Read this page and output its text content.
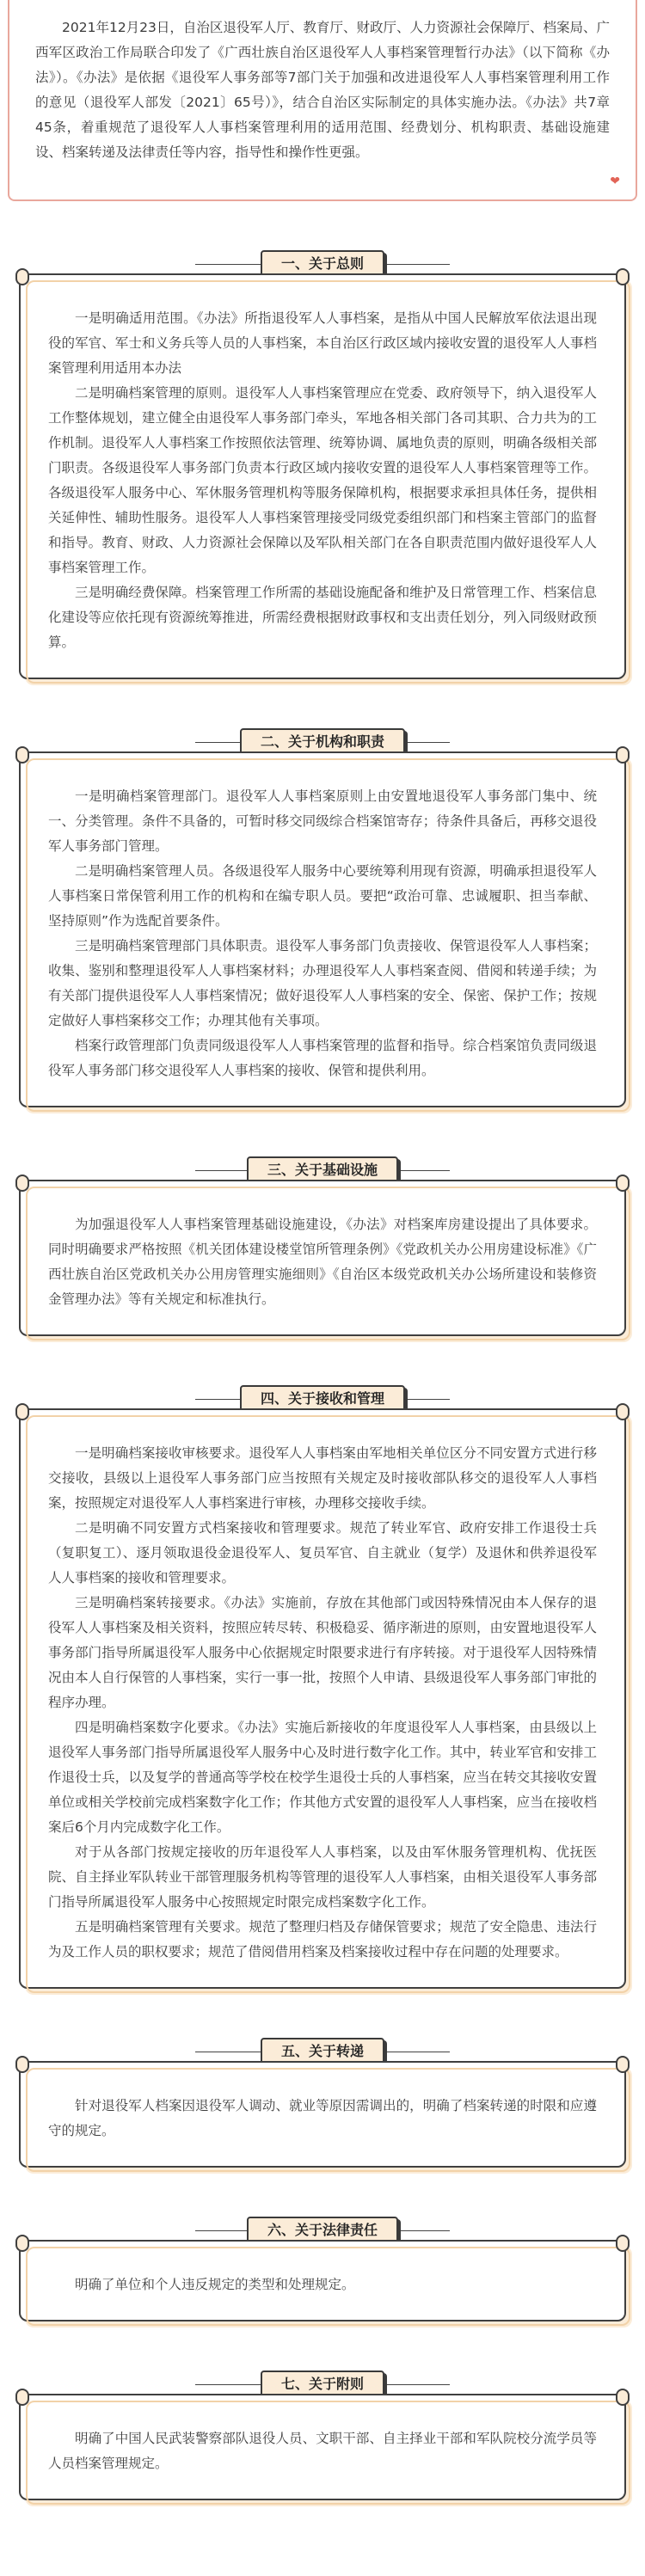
2021年12月23日，自治区退役军人厅、教育厅、财政厅、人力资源社会保障厅、档案局、广西军区政治工作局联合印发了《广西壮族自治区退役军人人事档案管理暂行办法》（以下简称《办法》）。《办法》是依据《退役军人事务部等7部门关于加强和改进退役军人人事档案管理利用工作的意见（退役军人部发〔2021〕65号）》，结合自治区实际制定的具体实施办法。《办法》共7章45条，着重规范了退役军人人事档案管理利用的适用范围、经费划分、机构职责、基础设施建设、档案转递及法律责任等内容，指导性和操作性更强。

❤
一、关于总则

一是明确适用范围。《办法》所指退役军人人事档案，是指从中国人民解放军依法退出现役的军官、军士和义务兵等人员的人事档案，本自治区行政区域内接收安置的退役军人人事档案管理利用适用本办法

二是明确档案管理的原则。退役军人人事档案管理应在党委、政府领导下，纳入退役军人工作整体规划，建立健全由退役军人事务部门牵头，军地各相关部门各司其职、合力共为的工作机制。退役军人人事档案工作按照依法管理、统筹协调、属地负责的原则，明确各级相关部门职责。各级退役军人事务部门负责本行政区域内接收安置的退役军人人事档案管理等工作。各级退役军人服务中心、军休服务管理机构等服务保障机构，根据要求承担具体任务，提供相关延伸性、辅助性服务。退役军人人事档案管理接受同级党委组织部门和档案主管部门的监督和指导。教育、财政、人力资源社会保障以及军队相关部门在各自职责范围内做好退役军人人事档案管理工作。

三是明确经费保障。档案管理工作所需的基础设施配备和维护及日常管理工作、档案信息化建设等应依托现有资源统筹推进，所需经费根据财政事权和支出责任划分，列入同级财政预算。

二、关于机构和职责

一是明确档案管理部门。退役军人人事档案原则上由安置地退役军人事务部门集中、统一、分类管理。条件不具备的，可暂时移交同级综合档案馆寄存；待条件具备后，再移交退役军人事务部门管理。

二是明确档案管理人员。各级退役军人服务中心要统筹利用现有资源，明确承担退役军人人事档案日常保管利用工作的机构和在编专职人员。要把“政治可靠、忠诚履职、担当奉献、坚持原则”作为选配首要条件。

三是明确档案管理部门具体职责。退役军人事务部门负责接收、保管退役军人人事档案；收集、鉴别和整理退役军人人事档案材料；办理退役军人人事档案查阅、借阅和转递手续；为有关部门提供退役军人人事档案情况；做好退役军人人事档案的安全、保密、保护工作；按规定做好人事档案移交工作；办理其他有关事项。

档案行政管理部门负责同级退役军人人事档案管理的监督和指导。综合档案馆负责同级退役军人事务部门移交退役军人人事档案的接收、保管和提供利用。

三、关于基础设施

为加强退役军人人事档案管理基础设施建设，《办法》对档案库房建设提出了具体要求。同时明确要求严格按照《机关团体建设楼堂馆所管理条例》《党政机关办公用房建设标准》《广西壮族自治区党政机关办公用房管理实施细则》《自治区本级党政机关办公场所建设和装修资金管理办法》等有关规定和标准执行。

四、关于接收和管理

一是明确档案接收审核要求。退役军人人事档案由军地相关单位区分不同安置方式进行移交接收，县级以上退役军人事务部门应当按照有关规定及时接收部队移交的退役军人人事档案，按照规定对退役军人人事档案进行审核，办理移交接收手续。

二是明确不同安置方式档案接收和管理要求。规范了转业军官、政府安排工作退役士兵（复职复工）、逐月领取退役金退役军人、复员军官、自主就业（复学）及退休和供养退役军人人事档案的接收和管理要求。

三是明确档案转接要求。《办法》实施前，存放在其他部门或因特殊情况由本人保存的退役军人人事档案及相关资料，按照应转尽转、积极稳妥、循序渐进的原则，由安置地退役军人事务部门指导所属退役军人服务中心依据规定时限要求进行有序转接。对于退役军人因特殊情况由本人自行保管的人事档案，实行一事一批，按照个人申请、县级退役军人事务部门审批的程序办理。

四是明确档案数字化要求。《办法》实施后新接收的年度退役军人人事档案，由县级以上退役军人事务部门指导所属退役军人服务中心及时进行数字化工作。其中，转业军官和安排工作退役士兵，以及复学的普通高等学校在校学生退役士兵的人事档案，应当在转交其接收安置单位或相关学校前完成档案数字化工作；作其他方式安置的退役军人人事档案，应当在接收档案后6个月内完成数字化工作。

对于从各部门按规定接收的历年退役军人人事档案，以及由军休服务管理机构、优抚医院、自主择业军队转业干部管理服务机构等管理的退役军人人事档案，由相关退役军人事务部门指导所属退役军人服务中心按照规定时限完成档案数字化工作。

五是明确档案管理有关要求。规范了整理归档及存储保管要求；规范了安全隐患、违法行为及工作人员的职权要求；规范了借阅借用档案及档案接收过程中存在问题的处理要求。

五、关于转递

针对退役军人档案因退役军人调动、就业等原因需调出的，明确了档案转递的时限和应遵守的规定。

六、关于法律责任

明确了单位和个人违反规定的类型和处理规定。

七、关于附则

明确了中国人民武装警察部队退役人员、文职干部、自主择业干部和军队院校分流学员等人员档案管理规定。
